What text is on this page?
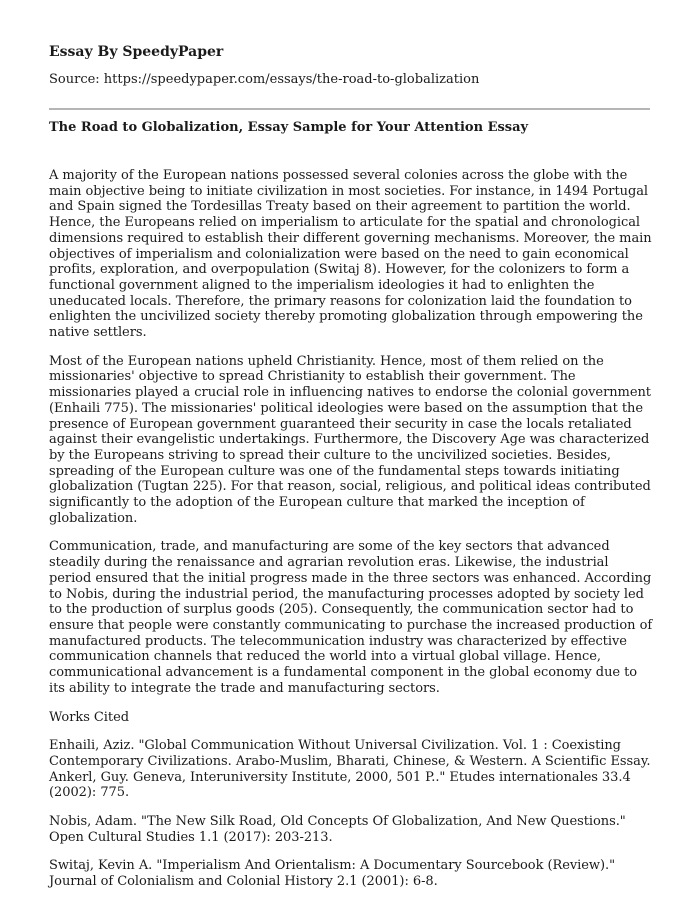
Essay By SpeedyPaper
Source: https://speedypaper.com/essays/the-road-to-globalization
The Road to Globalization, Essay Sample for Your Attention Essay

A majority of the European nations possessed several colonies across the globe with the main objective being to initiate civilization in most societies. For instance, in 1494 Portugal and Spain signed the Tordesillas Treaty based on their agreement to partition the world. Hence, the Europeans relied on imperialism to articulate for the spatial and chronological dimensions required to establish their different governing mechanisms. Moreover, the main objectives of imperialism and colonialization were based on the need to gain economical profits, exploration, and overpopulation (Switaj 8). However, for the colonizers to form a functional government aligned to the imperialism ideologies it had to enlighten the uneducated locals. Therefore, the primary reasons for colonization laid the foundation to enlighten the uncivilized society thereby promoting globalization through empowering the native settlers.

Most of the European nations upheld Christianity. Hence, most of them relied on the missionaries' objective to spread Christianity to establish their government. The missionaries played a crucial role in influencing natives to endorse the colonial government (Enhaili 775). The missionaries' political ideologies were based on the assumption that the presence of European government guaranteed their security in case the locals retaliated against their evangelistic undertakings. Furthermore, the Discovery Age was characterized by the Europeans striving to spread their culture to the uncivilized societies. Besides, spreading of the European culture was one of the fundamental steps towards initiating globalization (Tugtan 225). For that reason, social, religious, and political ideas contributed significantly to the adoption of the European culture that marked the inception of globalization.

Communication, trade, and manufacturing are some of the key sectors that advanced steadily during the renaissance and agrarian revolution eras. Likewise, the industrial period ensured that the initial progress made in the three sectors was enhanced. According to Nobis, during the industrial period, the manufacturing processes adopted by society led to the production of surplus goods (205). Consequently, the communication sector had to ensure that people were constantly communicating to purchase the increased production of manufactured products. The telecommunication industry was characterized by effective communication channels that reduced the world into a virtual global village. Hence, communicational advancement is a fundamental component in the global economy due to its ability to integrate the trade and manufacturing sectors.

Works Cited

Enhaili, Aziz. "Global Communication Without Universal Civilization. Vol. 1 : Coexisting Contemporary Civilizations. Arabo-Muslim, Bharati, Chinese, & Western. A Scientific Essay. Ankerl, Guy. Geneva, Interuniversity Institute, 2000, 501 P.." Etudes internationales 33.4 (2002): 775.

Nobis, Adam. "The New Silk Road, Old Concepts Of Globalization, And New Questions." Open Cultural Studies 1.1 (2017): 203-213.

Switaj, Kevin A. "Imperialism And Orientalism: A Documentary Sourcebook (Review)." Journal of Colonialism and Colonial History 2.1 (2001): 6-8.
